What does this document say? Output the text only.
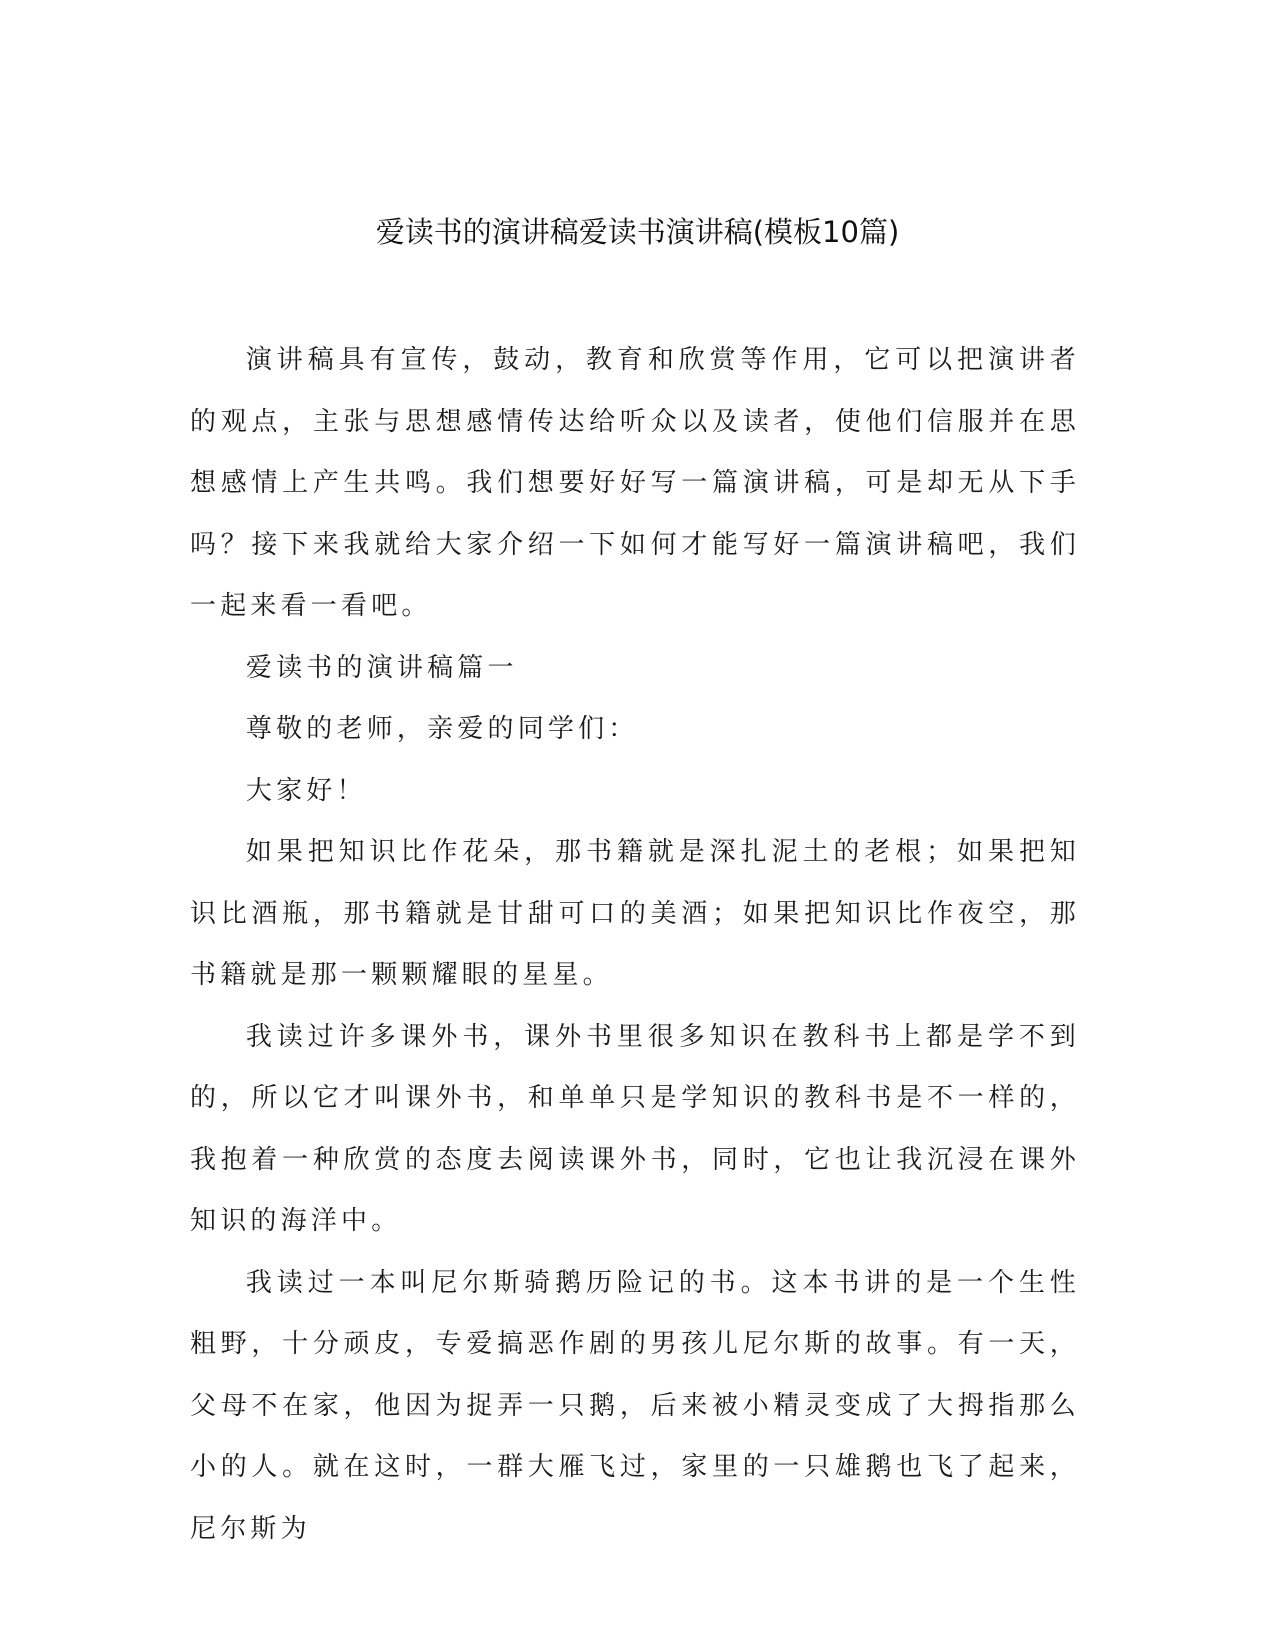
爱读书的演讲稿爱读书演讲稿(模板10篇)

演讲稿具有宣传，鼓动，教育和欣赏等作用，它可以把演讲者的观点，主张与思想感情传达给听众以及读者，使他们信服并在思想感情上产生共鸣。我们想要好好写一篇演讲稿，可是却无从下手吗？接下来我就给大家介绍一下如何才能写好一篇演讲稿吧，我们一起来看一看吧。

爱读书的演讲稿篇一

尊敬的老师，亲爱的同学们：

大家好！

如果把知识比作花朵，那书籍就是深扎泥土的老根；如果把知识比酒瓶，那书籍就是甘甜可口的美酒；如果把知识比作夜空，那书籍就是那一颗颗耀眼的星星。

我读过许多课外书，课外书里很多知识在教科书上都是学不到的，所以它才叫课外书，和单单只是学知识的教科书是不一样的，我抱着一种欣赏的态度去阅读课外书，同时，它也让我沉浸在课外知识的海洋中。

我读过一本叫尼尔斯骑鹅历险记的书。这本书讲的是一个生性粗野，十分顽皮，专爱搞恶作剧的男孩儿尼尔斯的故事。有一天，父母不在家，他因为捉弄一只鹅，后来被小精灵变成了大拇指那么小的人。就在这时，一群大雁飞过，家里的一只雄鹅也飞了起来，尼尔斯为
